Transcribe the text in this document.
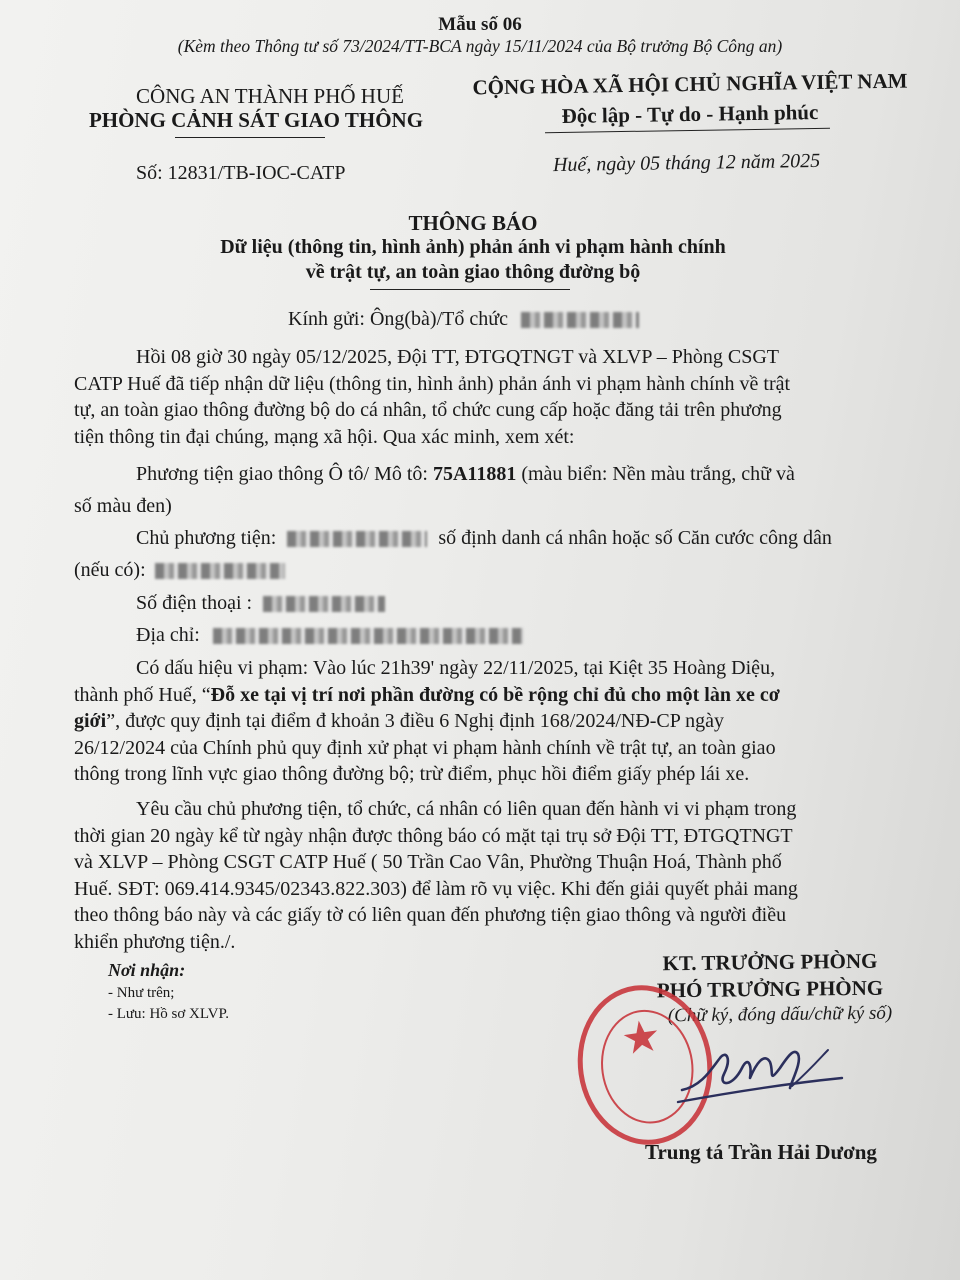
Mẫu số 06
(Kèm theo Thông tư số 73/2024/TT-BCA ngày 15/11/2024 của Bộ trưởng Bộ Công an)
CÔNG AN THÀNH PHỐ HUẾ
PHÒNG CẢNH SÁT GIAO THÔNG
CỘNG HÒA XÃ HỘI CHỦ NGHĨA VIỆT NAM
Độc lập - Tự do - Hạnh phúc
Số: 12831/TB-IOC-CATP	Huế, ngày 05 tháng 12 năm 2025
THÔNG BÁO
Dữ liệu (thông tin, hình ảnh) phản ánh vi phạm hành chính
về trật tự, an toàn giao thông đường bộ
Kính gửi: Ông(bà)/Tổ chức
Hồi 08 giờ 30 ngày 05/12/2025, Đội TT, ĐTGQTNGT và XLVP – Phòng CSGT
CATP Huế đã tiếp nhận dữ liệu (thông tin, hình ảnh) phản ánh vi phạm hành chính về trật
tự, an toàn giao thông đường bộ do cá nhân, tổ chức cung cấp hoặc đăng tải trên phương
tiện thông tin đại chúng, mạng xã hội. Qua xác minh, xem xét:
Phương tiện giao thông Ô tô/ Mô tô: 75A11881 (màu biển: Nền màu trắng, chữ và
số màu đen)
Chủ phương tiện:	số định danh cá nhân hoặc số Căn cước công dân
(nếu có):
Số điện thoại :
Địa chỉ:
Có dấu hiệu vi phạm: Vào lúc 21h39' ngày 22/11/2025, tại Kiệt 35 Hoàng Diệu,
thành phố Huế, “Đỗ xe tại vị trí nơi phần đường có bề rộng chỉ đủ cho một làn xe cơ
giới”, được quy định tại điểm đ khoản 3 điều 6 Nghị định 168/2024/NĐ-CP ngày
26/12/2024 của Chính phủ quy định xử phạt vi phạm hành chính về trật tự, an toàn giao
thông trong lĩnh vực giao thông đường bộ; trừ điểm, phục hồi điểm giấy phép lái xe.
Yêu cầu chủ phương tiện, tổ chức, cá nhân có liên quan đến hành vi vi phạm trong
thời gian 20 ngày kể từ ngày nhận được thông báo có mặt tại trụ sở Đội TT, ĐTGQTNGT
và XLVP – Phòng CSGT CATP Huế ( 50 Trần Cao Vân, Phường Thuận Hoá, Thành phố
Huế. SĐT: 069.414.9345/02343.822.303) để làm rõ vụ việc. Khi đến giải quyết phải mang
theo thông báo này và các giấy tờ có liên quan đến phương tiện giao thông và người điều
khiển phương tiện./.
Nơi nhận:
- Như trên;
- Lưu: Hồ sơ XLVP.
KT. TRƯỞNG PHÒNG
PHÓ TRƯỞNG PHÒNG
(Chữ ký, đóng dấu/chữ ký số)
★
Trung tá Trần Hải Dương
